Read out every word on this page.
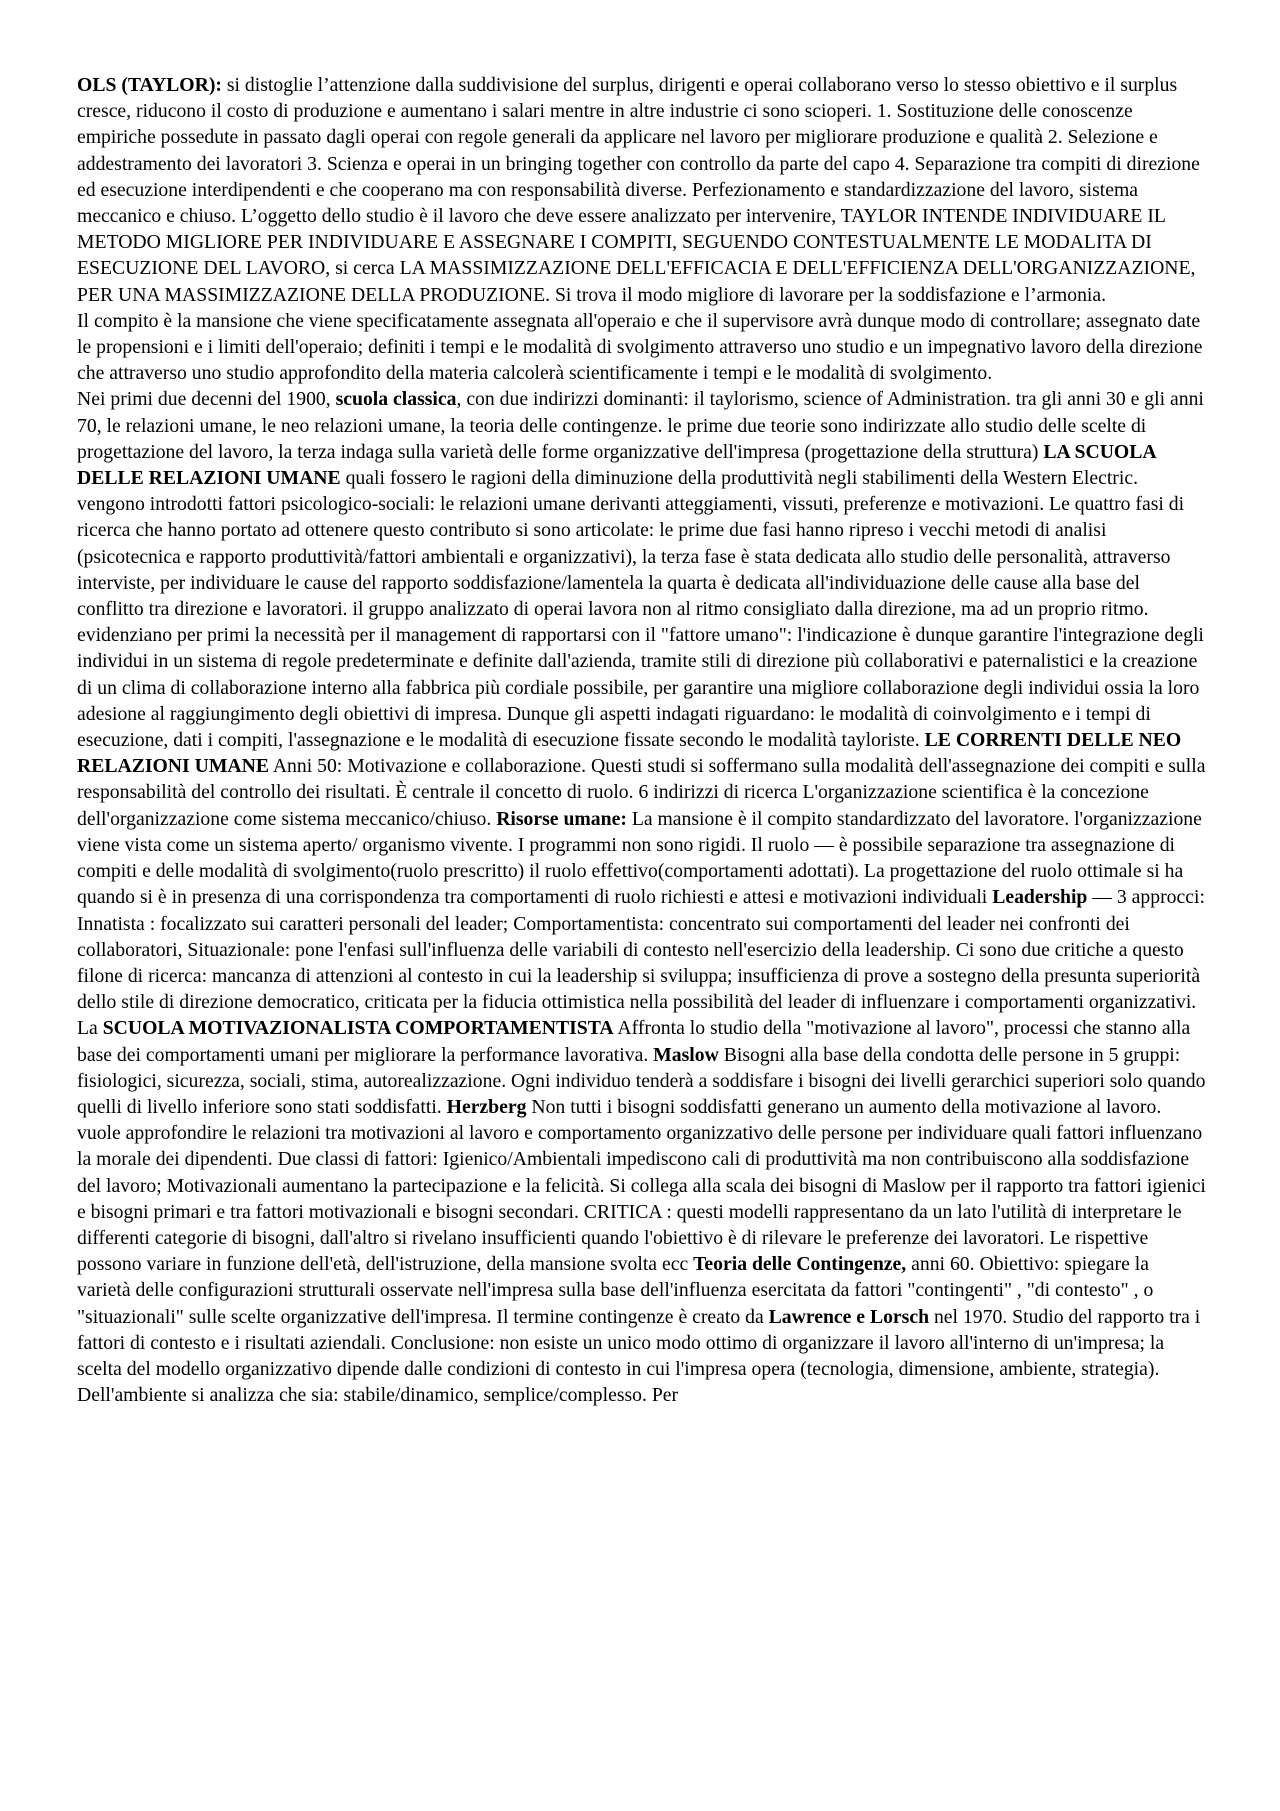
OLS (TAYLOR): si distoglie l’attenzione dalla suddivisione del surplus, dirigenti e operai collaborano verso lo stesso obiettivo e il surplus cresce, riducono il costo di produzione e aumentano i salari mentre in altre industrie ci sono scioperi. 1. Sostituzione delle conoscenze empiriche possedute in passato dagli operai con regole generali da applicare nel lavoro per migliorare produzione e qualità 2. Selezione e addestramento dei lavoratori 3. Scienza e operai in un bringing together con controllo da parte del capo 4. Separazione tra compiti di direzione ed esecuzione interdipendenti e che cooperano ma con responsabilità diverse. Perfezionamento e standardizzazione del lavoro, sistema meccanico e chiuso. L’oggetto dello studio è il lavoro che deve essere analizzato per intervenire, TAYLOR INTENDE INDIVIDUARE IL METODO MIGLIORE PER INDIVIDUARE E ASSEGNARE I COMPITI, SEGUENDO CONTESTUALMENTE LE MODALITA DI ESECUZIONE DEL LAVORO, si cerca LA MASSIMIZZAZIONE DELL'EFFICACIA E DELL'EFFICIENZA DELL'ORGANIZZAZIONE, PER UNA MASSIMIZZAZIONE DELLA PRODUZIONE. Si trova il modo migliore di lavorare per la soddisfazione e l’armonia.

Il compito è la mansione che viene specificatamente assegnata all'operaio e che il supervisore avrà dunque modo di controllare; assegnato date le propensioni e i limiti dell'operaio; definiti i tempi e le modalità di svolgimento attraverso uno studio e un impegnativo lavoro della direzione che attraverso uno studio approfondito della materia calcolerà scientificamente i tempi e le modalità di svolgimento.

Nei primi due decenni del 1900, scuola classica, con due indirizzi dominanti: il taylorismo, science of Administration. tra gli anni 30 e gli anni 70, le relazioni umane, le neo relazioni umane, la teoria delle contingenze. le prime due teorie sono indirizzate allo studio delle scelte di progettazione del lavoro, la terza indaga sulla varietà delle forme organizzative dell'impresa (progettazione della struttura) LA SCUOLA DELLE RELAZIONI UMANE quali fossero le ragioni della diminuzione della produttività negli stabilimenti della Western Electric. vengono introdotti fattori psicologico-sociali: le relazioni umane derivanti atteggiamenti, vissuti, preferenze e motivazioni. Le quattro fasi di ricerca che hanno portato ad ottenere questo contributo si sono articolate: le prime due fasi hanno ripreso i vecchi metodi di analisi (psicotecnica e rapporto produttività/fattori ambientali e organizzativi), la terza fase è stata dedicata allo studio delle personalità, attraverso interviste, per individuare le cause del rapporto soddisfazione/lamentela la quarta è dedicata all'individuazione delle cause alla base del conflitto tra direzione e lavoratori. il gruppo analizzato di operai lavora non al ritmo consigliato dalla direzione, ma ad un proprio ritmo. evidenziano per primi la necessità per il management di rapportarsi con il "fattore umano": l'indicazione è dunque garantire l'integrazione degli individui in un sistema di regole predeterminate e definite dall'azienda, tramite stili di direzione più collaborativi e paternalistici e la creazione di un clima di collaborazione interno alla fabbrica più cordiale possibile, per garantire una migliore collaborazione degli individui ossia la loro adesione al raggiungimento degli obiettivi di impresa. Dunque gli aspetti indagati riguardano: le modalità di coinvolgimento e i tempi di esecuzione, dati i compiti, l'assegnazione e le modalità di esecuzione fissate secondo le modalità tayloriste. LE CORRENTI DELLE NEO RELAZIONI UMANE Anni 50: Motivazione e collaborazione. Questi studi si soffermano sulla modalità dell'assegnazione dei compiti e sulla responsabilità del controllo dei risultati. È centrale il concetto di ruolo. 6 indirizzi di ricerca L'organizzazione scientifica è la concezione dell'organizzazione come sistema meccanico/chiuso. Risorse umane: La mansione è il compito standardizzato del lavoratore. l'organizzazione viene vista come un sistema aperto/ organismo vivente. I programmi non sono rigidi. Il ruolo — è possibile separazione tra assegnazione di compiti e delle modalità di svolgimento(ruolo prescritto) il ruolo effettivo(comportamenti adottati). La progettazione del ruolo ottimale si ha quando si è in presenza di una corrispondenza tra comportamenti di ruolo richiesti e attesi e motivazioni individuali Leadership — 3 approcci: Innatista : focalizzato sui caratteri personali del leader; Comportamentista: concentrato sui comportamenti del leader nei confronti dei collaboratori, Situazionale: pone l'enfasi sull'influenza delle variabili di contesto nell'esercizio della leadership. Ci sono due critiche a questo filone di ricerca: mancanza di attenzioni al contesto in cui la leadership si sviluppa; insufficienza di prove a sostegno della presunta superiorità dello stile di direzione democratico, criticata per la fiducia ottimistica nella possibilità del leader di influenzare i comportamenti organizzativi. La SCUOLA MOTIVAZIONALISTA COMPORTAMENTISTA Affronta lo studio della "motivazione al lavoro", processi che stanno alla base dei comportamenti umani per migliorare la performance lavorativa. Maslow Bisogni alla base della condotta delle persone in 5 gruppi: fisiologici, sicurezza, sociali, stima, autorealizzazione. Ogni individuo tenderà a soddisfare i bisogni dei livelli gerarchici superiori solo quando quelli di livello inferiore sono stati soddisfatti. Herzberg Non tutti i bisogni soddisfatti generano un aumento della motivazione al lavoro. vuole approfondire le relazioni tra motivazioni al lavoro e comportamento organizzativo delle persone per individuare quali fattori influenzano la morale dei dipendenti. Due classi di fattori: Igienico/Ambientali impediscono cali di produttività ma non contribuiscono alla soddisfazione del lavoro; Motivazionali aumentano la partecipazione e la felicità. Si collega alla scala dei bisogni di Maslow per il rapporto tra fattori igienici e bisogni primari e tra fattori motivazionali e bisogni secondari. CRITICA : questi modelli rappresentano da un lato l'utilità di interpretare le differenti categorie di bisogni, dall'altro si rivelano insufficienti quando l'obiettivo è di rilevare le preferenze dei lavoratori. Le rispettive possono variare in funzione dell'età, dell'istruzione, della mansione svolta ecc Teoria delle Contingenze, anni 60. Obiettivo: spiegare la varietà delle configurazioni strutturali osservate nell'impresa sulla base dell'influenza esercitata da fattori "contingenti" , "di contesto" , o "situazionali" sulle scelte organizzative dell'impresa. Il termine contingenze è creato da Lawrence e Lorsch nel 1970. Studio del rapporto tra i fattori di contesto e i risultati aziendali. Conclusione: non esiste un unico modo ottimo di organizzare il lavoro all'interno di un'impresa; la scelta del modello organizzativo dipende dalle condizioni di contesto in cui l'impresa opera (tecnologia, dimensione, ambiente, strategia). Dell'ambiente si analizza che sia: stabile/dinamico, semplice/complesso. Per
